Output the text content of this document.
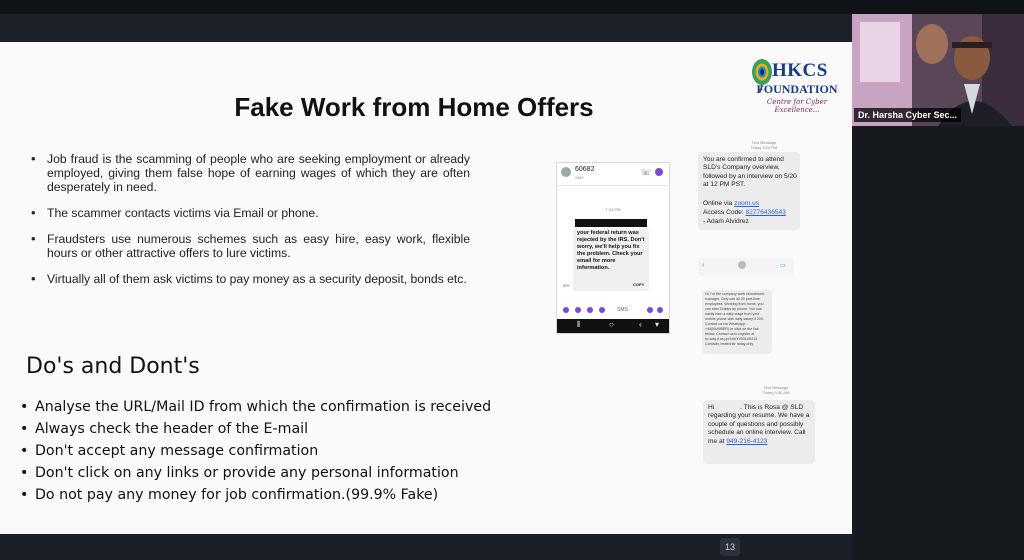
Fake Work from Home Offers
HKCS
FOUNDATION
Centre for Cyber Excellence...
• Job fraud is the scamming of people who are seeking employment or already employed, giving them false hope of earning wages of which they are often desperately in need.
• The scammer contacts victims via Email or phone.
• Fraudsters use numerous schemes such as easy hire, easy work, flexible hours or other attractive offers to lure victims.
• Virtually all of them ask victims to pay money as a security deposit, bonds etc.
Do's and Dont's
• Analyse the URL/Mail ID from which the confirmation is received
• Always check the header of the E-mail
• Don't accept any message confirmation
• Don't click on any links or provide any personal information
• Do not pay any money for job confirmation.(99.9% Fake)
60682
SMS
☏
7:24 PM
your federal return was rejected by the IRS. Don't worry, we'll help you fix the problem. Check your email for more information.
IRS	COPY
SMS
⦀	○	‹ ▾
Text Message
Today 3:14 PM
You are confirmed to attend SLD's Company overview, followed by an interview on 5/20 at 12 PM PST.
Online via zoom.us
Access Code: 82776436543
- Adam Alvidrez
‹	▭
Hi, I'm the company work recruitment manager. Only can all 20 part-time employees. Working from home, you can earn Dollars by phone. You can easily earn a daily wage from your mobile phone with daily salary if 200. Contact us via Whatsapp: +44(NUMBER) or click on the link below. Contact us to register at hc.way.jf.ca.pp/Job/Y00314HJ13 Contacts limited for today only.
Text Message
Today 9:30 AM
Hi	. This is Rosa @ SLD regarding your resume. We have a couple of questions and possibly schedule an online interview. Call me at 949-216-4123
Dr. Harsha Cyber Sec...
13
